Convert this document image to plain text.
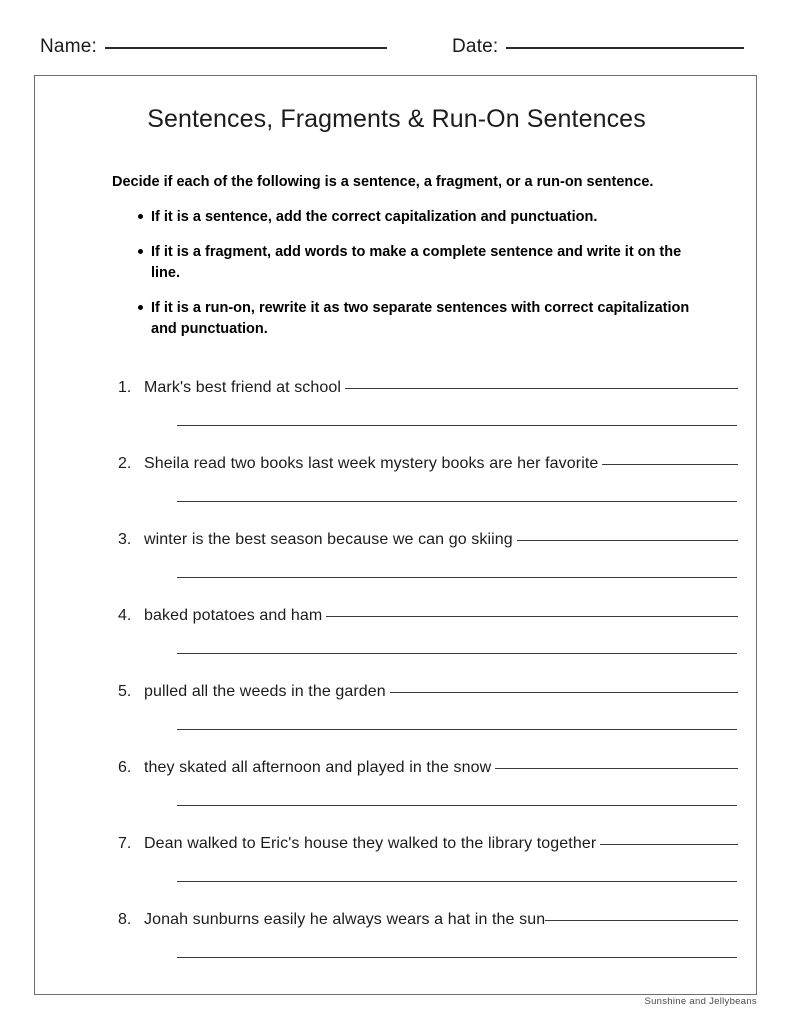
Name:	Date:
Sentences, Fragments & Run-On Sentences

Decide if each of the following is a sentence, a fragment, or a run-on sentence.

If it is a sentence, add the correct capitalization and punctuation.
If it is a fragment, add words to make a complete sentence and write it on the line.
If it is a run-on, rewrite it as two separate sentences with correct capitalization and punctuation.
1. Mark's best friend at school
2. Sheila read two books last week mystery books are her favorite
3. winter is the best season because we can go skiing
4. baked potatoes and ham
5. pulled all the weeds in the garden
6. they skated all afternoon and played in the snow
7. Dean walked to Eric's house they walked to the library together
8. Jonah sunburns easily he always wears a hat in the sun
Sunshine and Jellybeans
